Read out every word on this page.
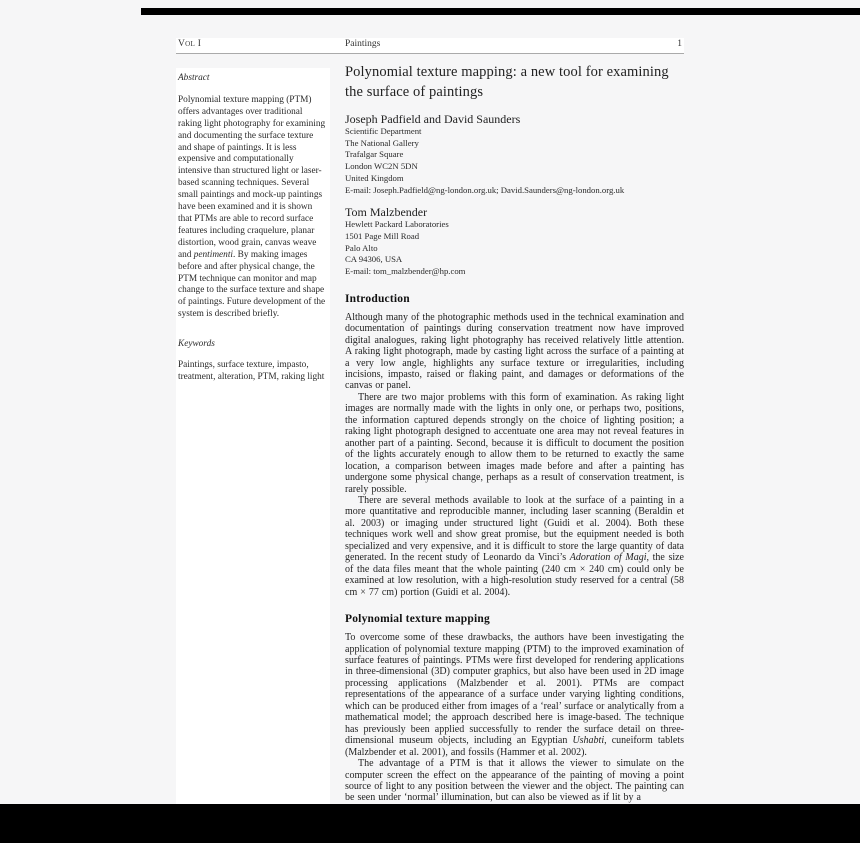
Vol I	Paintings	1
Abstract
Polynomial texture mapping (PTM) offers advantages over traditional raking light photography for examining and documenting the surface texture and shape of paintings. It is less expensive and computationally intensive than structured light or laser-based scanning techniques. Several small paintings and mock-up paintings have been examined and it is shown that PTMs are able to record surface features including craquelure, planar distortion, wood grain, canvas weave and pentimenti. By making images before and after physical change, the PTM technique can monitor and map change to the surface texture and shape of paintings. Future development of the system is described briefly.
Keywords
Paintings, surface texture, impasto, treatment, alteration, PTM, raking light
Polynomial texture mapping: a new tool for examining the surface of paintings
Joseph Padfield and David Saunders
Scientific Department
The National Gallery
Trafalgar Square
London WC2N 5DN
United Kingdom
E-mail: Joseph.Padfield@ng-london.org.uk; David.Saunders@ng-london.org.uk
Tom Malzbender
Hewlett Packard Laboratories
1501 Page Mill Road
Palo Alto
CA 94306, USA
E-mail: tom_malzbender@hp.com
Introduction

Although many of the photographic methods used in the technical examination and documentation of paintings during conservation treatment now have improved digital analogues, raking light photography has received relatively little attention. A raking light photograph, made by casting light across the surface of a painting at a very low angle, highlights any surface texture or irregularities, including incisions, impasto, raised or flaking paint, and damages or deformations of the canvas or panel.

There are two major problems with this form of examination. As raking light images are normally made with the lights in only one, or perhaps two, positions, the information captured depends strongly on the choice of lighting position; a raking light photograph designed to accentuate one area may not reveal features in another part of a painting. Second, because it is difficult to document the position of the lights accurately enough to allow them to be returned to exactly the same location, a comparison between images made before and after a painting has undergone some physical change, perhaps as a result of conservation treatment, is rarely possible.

There are several methods available to look at the surface of a painting in a more quantitative and reproducible manner, including laser scanning (Beraldin et al. 2003) or imaging under structured light (Guidi et al. 2004). Both these techniques work well and show great promise, but the equipment needed is both specialized and very expensive, and it is difficult to store the large quantity of data generated. In the recent study of Leonardo da Vinci’s Adoration of Magi, the size of the data files meant that the whole painting (240 cm × 240 cm) could only be examined at low resolution, with a high-resolution study reserved for a central (58 cm × 77 cm) portion (Guidi et al. 2004).

Polynomial texture mapping

To overcome some of these drawbacks, the authors have been investigating the application of polynomial texture mapping (PTM) to the improved examination of surface features of paintings. PTMs were first developed for rendering applications in three-dimensional (3D) computer graphics, but also have been used in 2D image processing applications (Malzbender et al. 2001). PTMs are compact representations of the appearance of a surface under varying lighting conditions, which can be produced either from images of a ‘real’ surface or analytically from a mathematical model; the approach described here is image-based. The technique has previously been applied successfully to render the surface detail on three-dimensional museum objects, including an Egyptian Ushabti, cuneiform tablets (Malzbender et al. 2001), and fossils (Hammer et al. 2002).

The advantage of a PTM is that it allows the viewer to simulate on the computer screen the effect on the appearance of the painting of moving a point source of light to any position between the viewer and the object. The painting can be seen under ‘normal’ illumination, but can also be viewed as if lit by a
